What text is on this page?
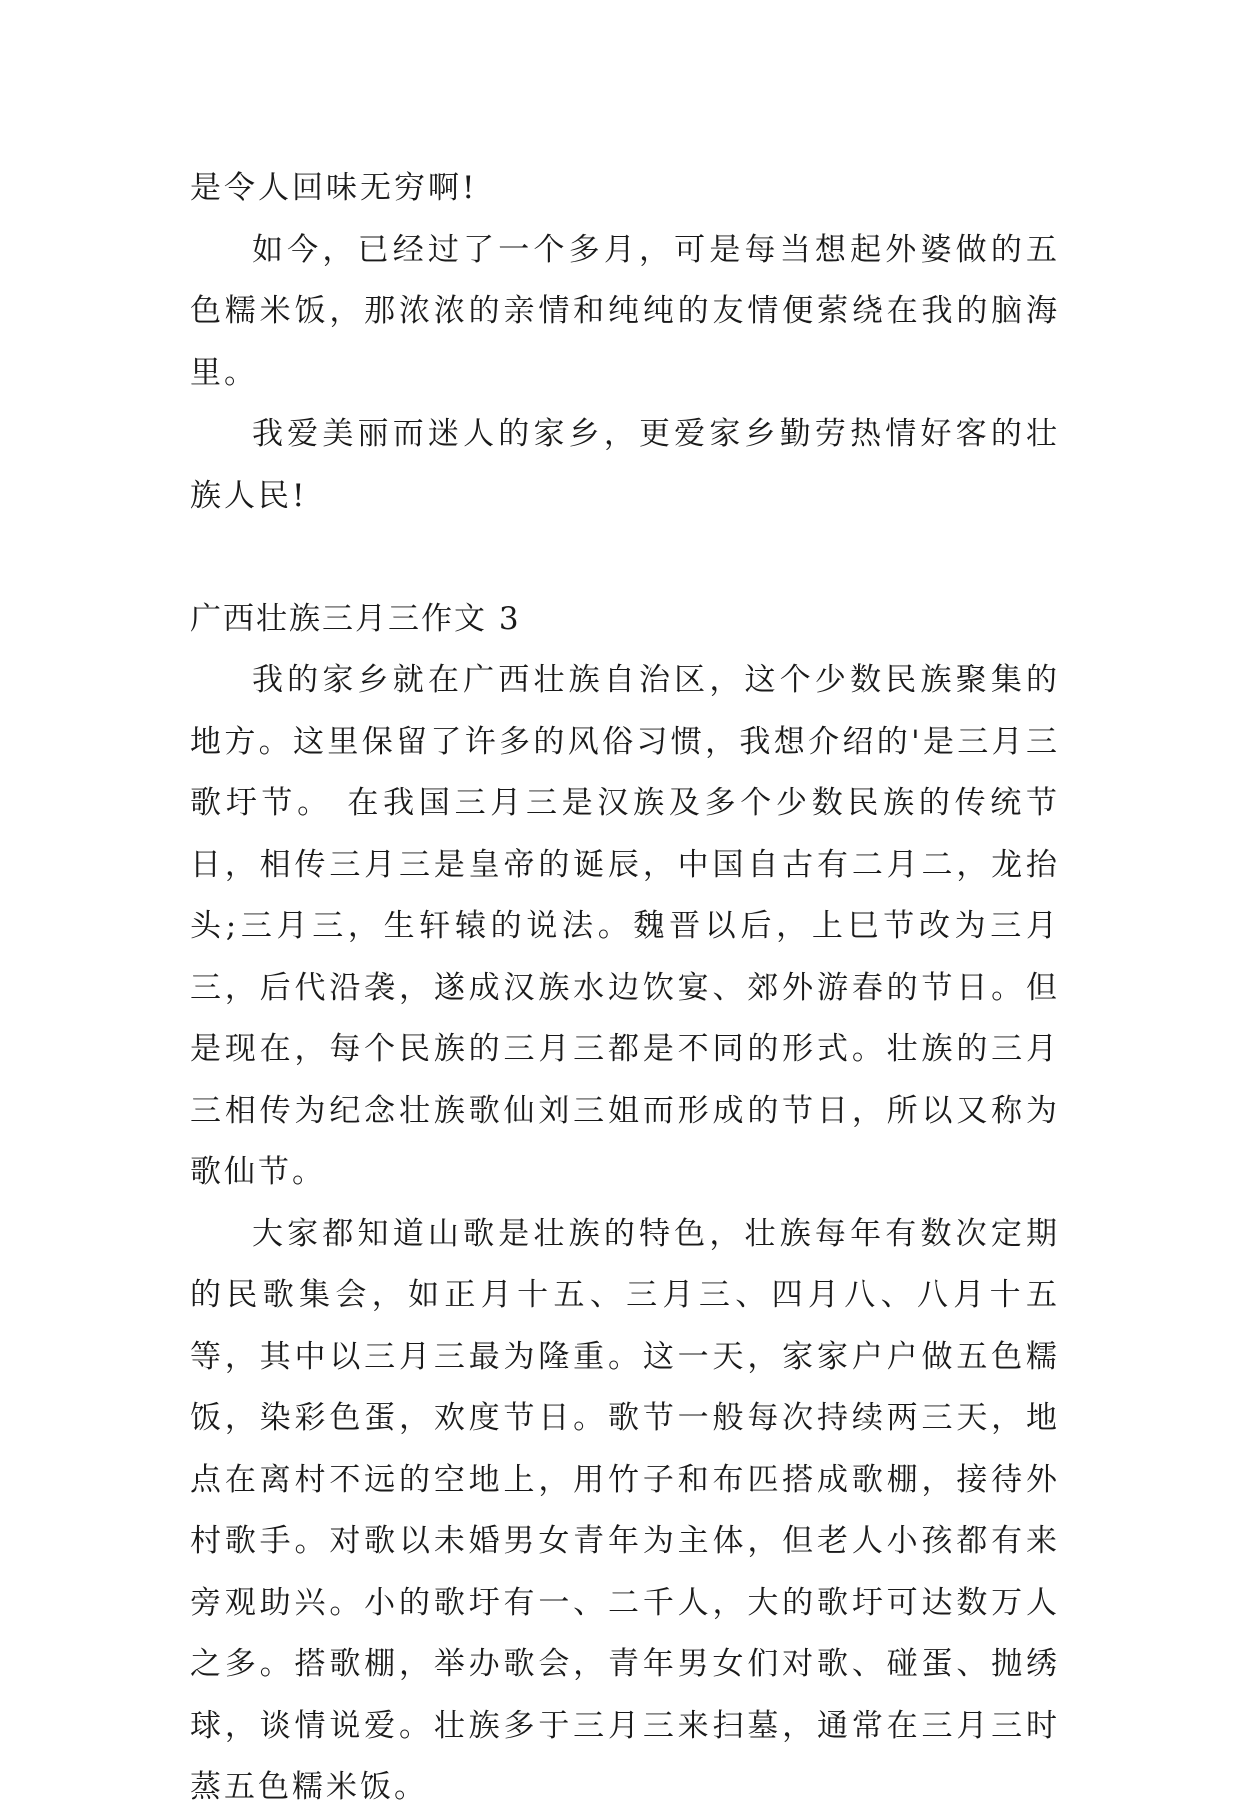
是令人回味无穷啊!

如今，已经过了一个多月，可是每当想起外婆做的五色糯米饭，那浓浓的亲情和纯纯的友情便萦绕在我的脑海里。

我爱美丽而迷人的家乡，更爱家乡勤劳热情好客的壮族人民!

广西壮族三月三作文 3

我的家乡就在广西壮族自治区，这个少数民族聚集的地方。这里保留了许多的风俗习惯，我想介绍的'是三月三歌圩节。 在我国三月三是汉族及多个少数民族的传统节日，相传三月三是皇帝的诞辰，中国自古有二月二，龙抬头;三月三，生轩辕的说法。魏晋以后，上巳节改为三月三，后代沿袭，遂成汉族水边饮宴、郊外游春的节日。但是现在，每个民族的三月三都是不同的形式。壮族的三月三相传为纪念壮族歌仙刘三姐而形成的节日，所以又称为歌仙节。

大家都知道山歌是壮族的特色，壮族每年有数次定期的民歌集会，如正月十五、三月三、四月八、八月十五等，其中以三月三最为隆重。这一天，家家户户做五色糯饭，染彩色蛋，欢度节日。歌节一般每次持续两三天，地点在离村不远的空地上，用竹子和布匹搭成歌棚，接待外村歌手。对歌以未婚男女青年为主体，但老人小孩都有来旁观助兴。小的歌圩有一、二千人，大的歌圩可达数万人之多。搭歌棚，举办歌会，青年男女们对歌、碰蛋、抛绣球，谈情说爱。壮族多于三月三来扫墓，通常在三月三时蒸五色糯米饭。
